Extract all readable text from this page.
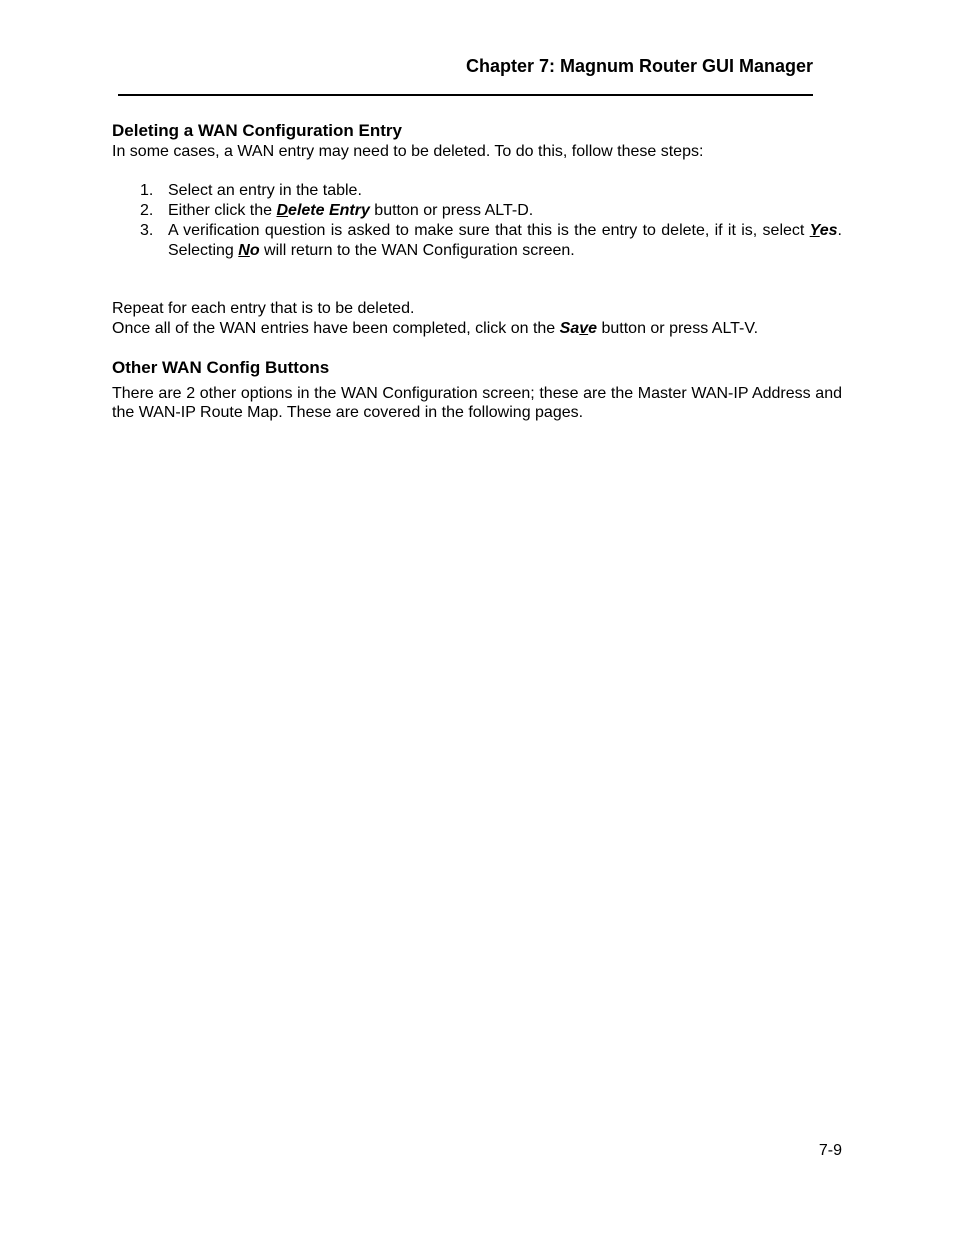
Chapter 7: Magnum Router GUI Manager
Deleting a WAN Configuration Entry

In some cases, a WAN entry may need to be deleted. To do this, follow these steps:

1. Select an entry in the table.
2. Either click the Delete Entry button or press ALT-D.
3. A verification question is asked to make sure that this is the entry to delete, if it is, select Yes. Selecting No will return to the WAN Configuration screen.

Repeat for each entry that is to be deleted.

Once all of the WAN entries have been completed, click on the Save button or press ALT-V.

Other WAN Config Buttons

There are 2 other options in the WAN Configuration screen; these are the Master WAN-IP Address and the WAN-IP Route Map. These are covered in the following pages.

7-9
